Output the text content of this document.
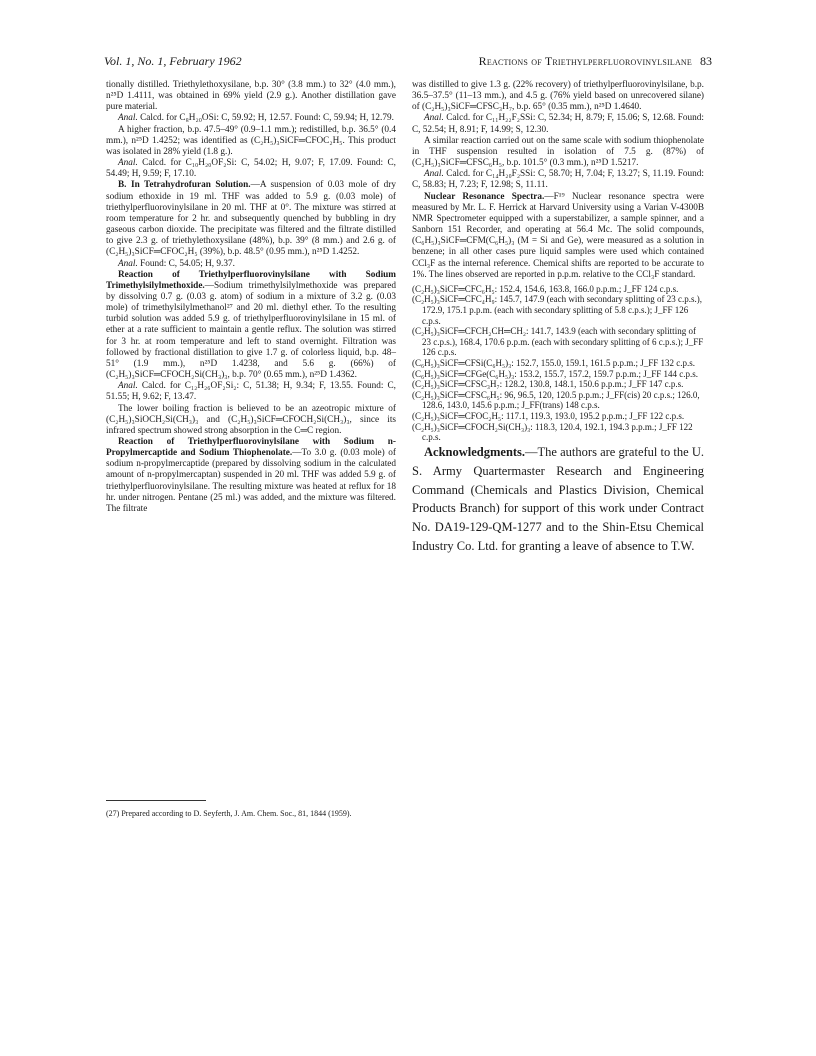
Vol. 1, No. 1, February 1962	Reactions of Triethylperfluorovinylsilane 83

tionally distilled. Triethylethoxysilane, b.p. 30° (3.8 mm.) to 32° (4.0 mm.), n²⁵D 1.4111, was obtained in 69% yield (2.9 g.). Another distillation gave pure material.

Anal. Calcd. for C₈H₂₀OSi: C, 59.92; H, 12.57. Found: C, 59.94; H, 12.79.

A higher fraction, b.p. 47.5–49° (0.9–1.1 mm.); redistilled, b.p. 36.5° (0.4 mm.), n²⁵D 1.4252; was identified as (C₂H₅)₃SiCF═CFOC₂H₅. This product was isolated in 28% yield (1.8 g.).

Anal. Calcd. for C₁₀H₂₀OF₂Si: C, 54.02; H, 9.07; F, 17.09. Found: C, 54.49; H, 9.59; F, 17.10.

B. In Tetrahydrofuran Solution.—A suspension of 0.03 mole of dry sodium ethoxide in 19 ml. THF was added to 5.9 g. (0.03 mole) of triethylperfluorovinylsilane in 20 ml. THF at 0°. The mixture was stirred at room temperature for 2 hr. and subsequently quenched by bubbling in dry gaseous carbon dioxide. The precipitate was filtered and the filtrate distilled to give 2.3 g. of triethylethoxysilane (48%), b.p. 39° (8 mm.) and 2.6 g. of (C₂H₅)₃SiCF═CFOC₂H₅ (39%), b.p. 48.5° (0.95 mm.), n²⁵D 1.4252.

Anal. Found: C, 54.05; H, 9.37.

Reaction of Triethylperfluorovinylsilane with Sodium Trimethylsilylmethoxide.—Sodium trimethylsilylmethoxide was prepared by dissolving 0.7 g. (0.03 g. atom) of sodium in a mixture of 3.2 g. (0.03 mole) of trimethylsilylmethanol²⁷ and 20 ml. diethyl ether. To the resulting turbid solution was added 5.9 g. of triethylperfluorovinylsilane in 15 ml. of ether at a rate sufficient to maintain a gentle reflux. The solution was stirred for 3 hr. at room temperature and left to stand overnight. Filtration was followed by fractional distillation to give 1.7 g. of colorless liquid, b.p. 48–51° (1.9 mm.), n²⁵D 1.4238, and 5.6 g. (66%) of (C₂H₅)₃SiCF═CFOCH₂Si(CH₃)₃, b.p. 70° (0.65 mm.), n²⁵D 1.4362.

Anal. Calcd. for C₁₂H₂₆OF₂Si₂: C, 51.38; H, 9.34; F, 13.55. Found: C, 51.55; H, 9.62; F, 13.47.

The lower boiling fraction is believed to be an azeotropic mixture of (C₂H₅)₃SiOCH₂Si(CH₃)₃ and (C₂H₅)₃SiCF═CFOCH₂Si(CH₃)₃, since its infrared spectrum showed strong absorption in the C═C region.

Reaction of Triethylperfluorovinylsilane with Sodium n-Propylmercaptide and Sodium Thiophenolate.—To 3.0 g. (0.03 mole) of sodium n-propylmercaptide (prepared by dissolving sodium in the calculated amount of n-propylmercaptan) suspended in 20 ml. THF was added 5.9 g. of triethylperfluorovinylsilane. The resulting mixture was heated at reflux for 18 hr. under nitrogen. Pentane (25 ml.) was added, and the mixture was filtered. The filtrate

(27) Prepared according to D. Seyferth, J. Am. Chem. Soc., 81, 1844 (1959).

was distilled to give 1.3 g. (22% recovery) of triethylperfluorovinylsilane, b.p. 36.5–37.5° (11–13 mm.), and 4.5 g. (76% yield based on unrecovered silane) of (C₂H₅)₃SiCF═CFSC₃H₇, b.p. 65° (0.35 mm.), n²⁵D 1.4640.

Anal. Calcd. for C₁₁H₂₂F₂SSi: C, 52.34; H, 8.79; F, 15.06; S, 12.68. Found: C, 52.54; H, 8.91; F, 14.99; S, 12.30.

A similar reaction carried out on the same scale with sodium thiophenolate in THF suspension resulted in isolation of 7.5 g. (87%) of (C₂H₅)₃SiCF═CFSC₆H₅, b.p. 101.5° (0.3 mm.), n²⁵D 1.5217.

Anal. Calcd. for C₁₄H₂₀F₂SSi: C, 58.70; H, 7.04; F, 13.27; S, 11.19. Found: C, 58.83; H, 7.23; F, 12.98; S, 11.11.

Nuclear Resonance Spectra.—F¹⁹ Nuclear resonance spectra were measured by Mr. L. F. Herrick at Harvard University using a Varian V-4300B NMR Spectrometer equipped with a superstabilizer, a sample spinner, and a Sanborn 151 Recorder, and operating at 56.4 Mc. The solid compounds, (C₆H₅)₃SiCF═CFM(C₆H₅)₃ (M = Si and Ge), were measured as a solution in benzene; in all other cases pure liquid samples were used which contained CCl₃F as the internal reference. Chemical shifts are reported to be accurate to 1%. The lines observed are reported in p.p.m. relative to the CCl₃F standard.

(C₂H₅)₃SiCF═CFC₆H₅: 152.4, 154.6, 163.8, 166.0 p.p.m.; J_FF 124 c.p.s.

(C₂H₅)₃SiCF═CFC₄H₉: 145.7, 147.9 (each with secondary splitting of 23 c.p.s.), 172.9, 175.1 p.p.m. (each with secondary splitting of 5.8 c.p.s.); J_FF 126 c.p.s.

(C₂H₅)₃SiCF═CFCH₂CH═CH₂: 141.7, 143.9 (each with secondary splitting of 23 c.p.s.), 168.4, 170.6 p.p.m. (each with secondary splitting of 6 c.p.s.); J_FF 126 c.p.s.

(C₆H₅)₃SiCF═CFSi(C₆H₅)₃: 152.7, 155.0, 159.1, 161.5 p.p.m.; J_FF 132 c.p.s.

(C₆H₅)₃SiCF═CFGe(C₆H₅)₃: 153.2, 155.7, 157.2, 159.7 p.p.m.; J_FF 144 c.p.s.

(C₂H₅)₃SiCF═CFSC₃H₇: 128.2, 130.8, 148.1, 150.6 p.p.m.; J_FF 147 c.p.s.

(C₂H₅)₃SiCF═CFSC₆H₅: 96, 96.5, 120, 120.5 p.p.m.; J_FF(cis) 20 c.p.s.; 126.0, 128.6, 143.0, 145.6 p.p.m.; J_FF(trans) 148 c.p.s.

(C₂H₅)₃SiCF═CFOC₂H₅: 117.1, 119.3, 193.0, 195.2 p.p.m.; J_FF 122 c.p.s.

(C₂H₅)₃SiCF═CFOCH₂Si(CH₃)₃: 118.3, 120.4, 192.1, 194.3 p.p.m.; J_FF 122 c.p.s.

Acknowledgments.—The authors are grateful to the U. S. Army Quartermaster Research and Engineering Command (Chemicals and Plastics Division, Chemical Products Branch) for support of this work under Contract No. DA19-129-QM-1277 and to the Shin-Etsu Chemical Industry Co. Ltd. for granting a leave of absence to T.W.
